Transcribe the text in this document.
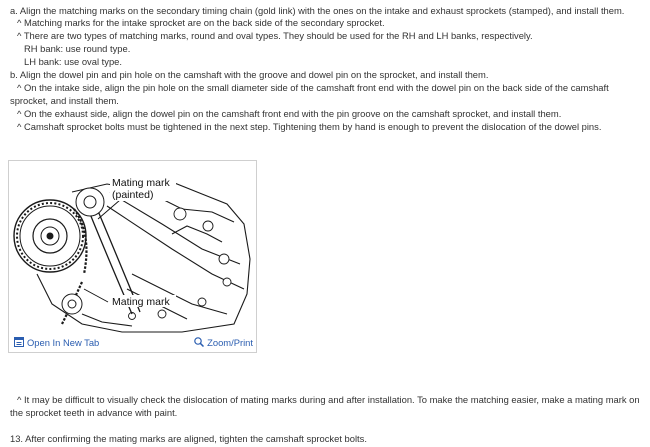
a. Align the matching marks on the secondary timing chain (gold link) with the ones on the intake and exhaust sprockets (stamped), and install them.
^ Matching marks for the intake sprocket are on the back side of the secondary sprocket.
^ There are two types of matching marks, round and oval types. They should be used for the RH and LH banks, respectively.
RH bank: use round type.
LH bank: use oval type.
b. Align the dowel pin and pin hole on the camshaft with the groove and dowel pin on the sprocket, and install them.
^ On the intake side, align the pin hole on the small diameter side of the camshaft front end with the dowel pin on the back side of the camshaft
sprocket, and install them.
^ On the exhaust side, align the dowel pin on the camshaft front end with the pin groove on the camshaft sprocket, and install them.
^ Camshaft sprocket bolts must be tightened in the next step. Tightening them by hand is enough to prevent the dislocation of the dowel pins.
Mating mark
(painted)
Mating mark
Open In New Tab	Zoom/Print
^ It may be difficult to visually check the dislocation of mating marks during and after installation. To make the matching easier, make a mating mark on
the sprocket teeth in advance with paint.
13. After confirming the mating marks are aligned, tighten the camshaft sprocket bolts.
